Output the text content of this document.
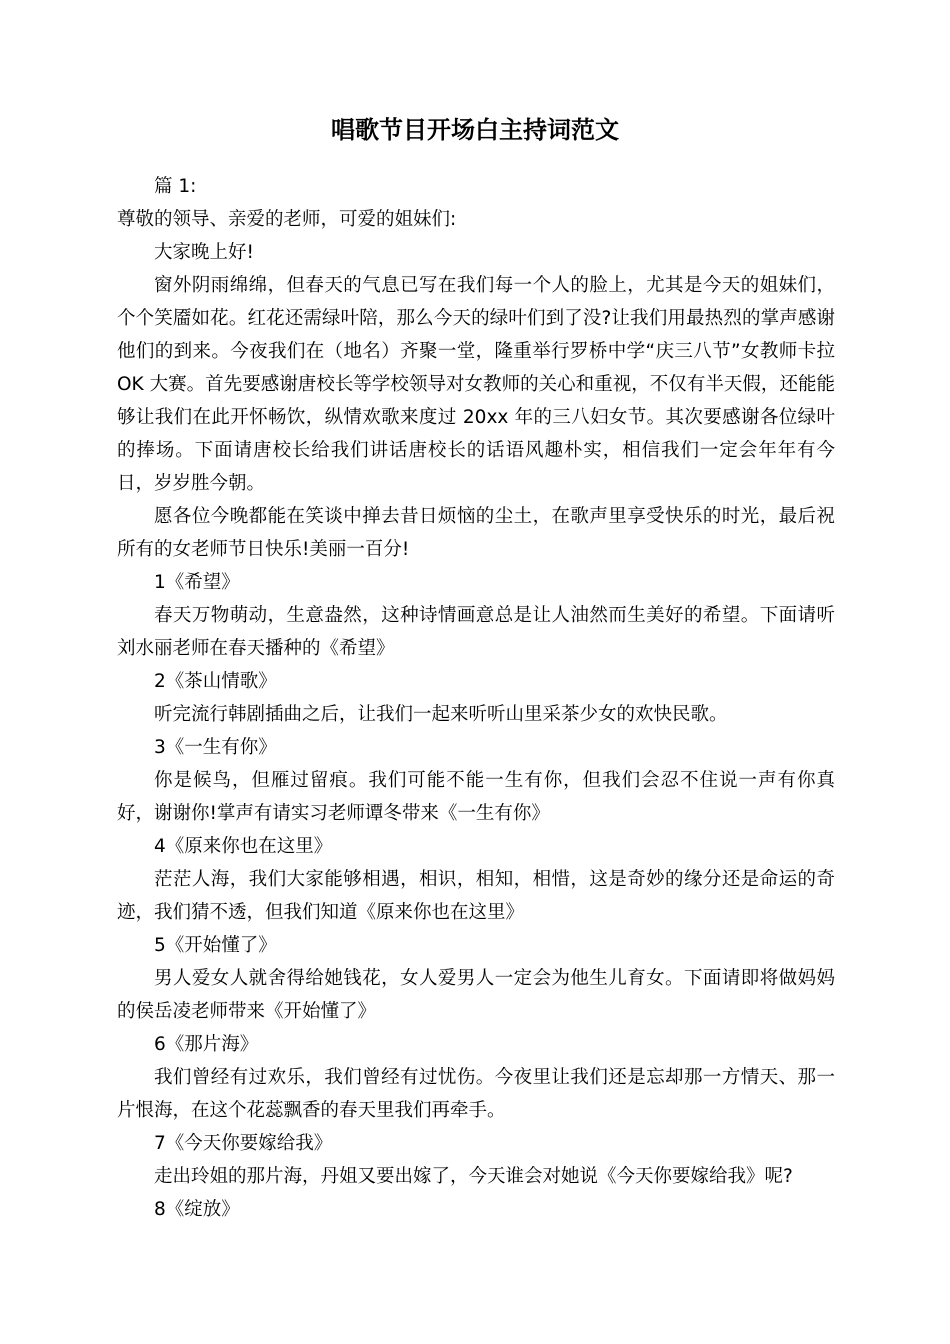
唱歌节目开场白主持词范文

篇 1:

尊敬的领导、亲爱的老师，可爱的姐妹们:

大家晚上好!

窗外阴雨绵绵，但春天的气息已写在我们每一个人的脸上，尤其是今天的姐妹们，个个笑靥如花。红花还需绿叶陪，那么今天的绿叶们到了没?让我们用最热烈的掌声感谢他们的到来。今夜我们在（地名）齐聚一堂，隆重举行罗桥中学“庆三八节”女教师卡拉 OK 大赛。首先要感谢唐校长等学校领导对女教师的关心和重视，不仅有半天假，还能能够让我们在此开怀畅饮，纵情欢歌来度过 20xx 年的三八妇女节。其次要感谢各位绿叶的捧场。下面请唐校长给我们讲话唐校长的话语风趣朴实，相信我们一定会年年有今日，岁岁胜今朝。

愿各位今晚都能在笑谈中掸去昔日烦恼的尘土，在歌声里享受快乐的时光，最后祝所有的女老师节日快乐!美丽一百分!

1《希望》

春天万物萌动，生意盎然，这种诗情画意总是让人油然而生美好的希望。下面请听刘水丽老师在春天播种的《希望》

2《茶山情歌》

听完流行韩剧插曲之后，让我们一起来听听山里采茶少女的欢快民歌。

3《一生有你》

你是候鸟，但雁过留痕。我们可能不能一生有你，但我们会忍不住说一声有你真好，谢谢你!掌声有请实习老师谭冬带来《一生有你》

4《原来你也在这里》

茫茫人海，我们大家能够相遇，相识，相知，相惜，这是奇妙的缘分还是命运的奇迹，我们猜不透，但我们知道《原来你也在这里》

5《开始懂了》

男人爱女人就舍得给她钱花，女人爱男人一定会为他生儿育女。下面请即将做妈妈的侯岳凌老师带来《开始懂了》

6《那片海》

我们曾经有过欢乐，我们曾经有过忧伤。今夜里让我们还是忘却那一方情天、那一片恨海，在这个花蕊飘香的春天里我们再牵手。

7《今天你要嫁给我》

走出玲姐的那片海，丹姐又要出嫁了，今天谁会对她说《今天你要嫁给我》呢?

8《绽放》
